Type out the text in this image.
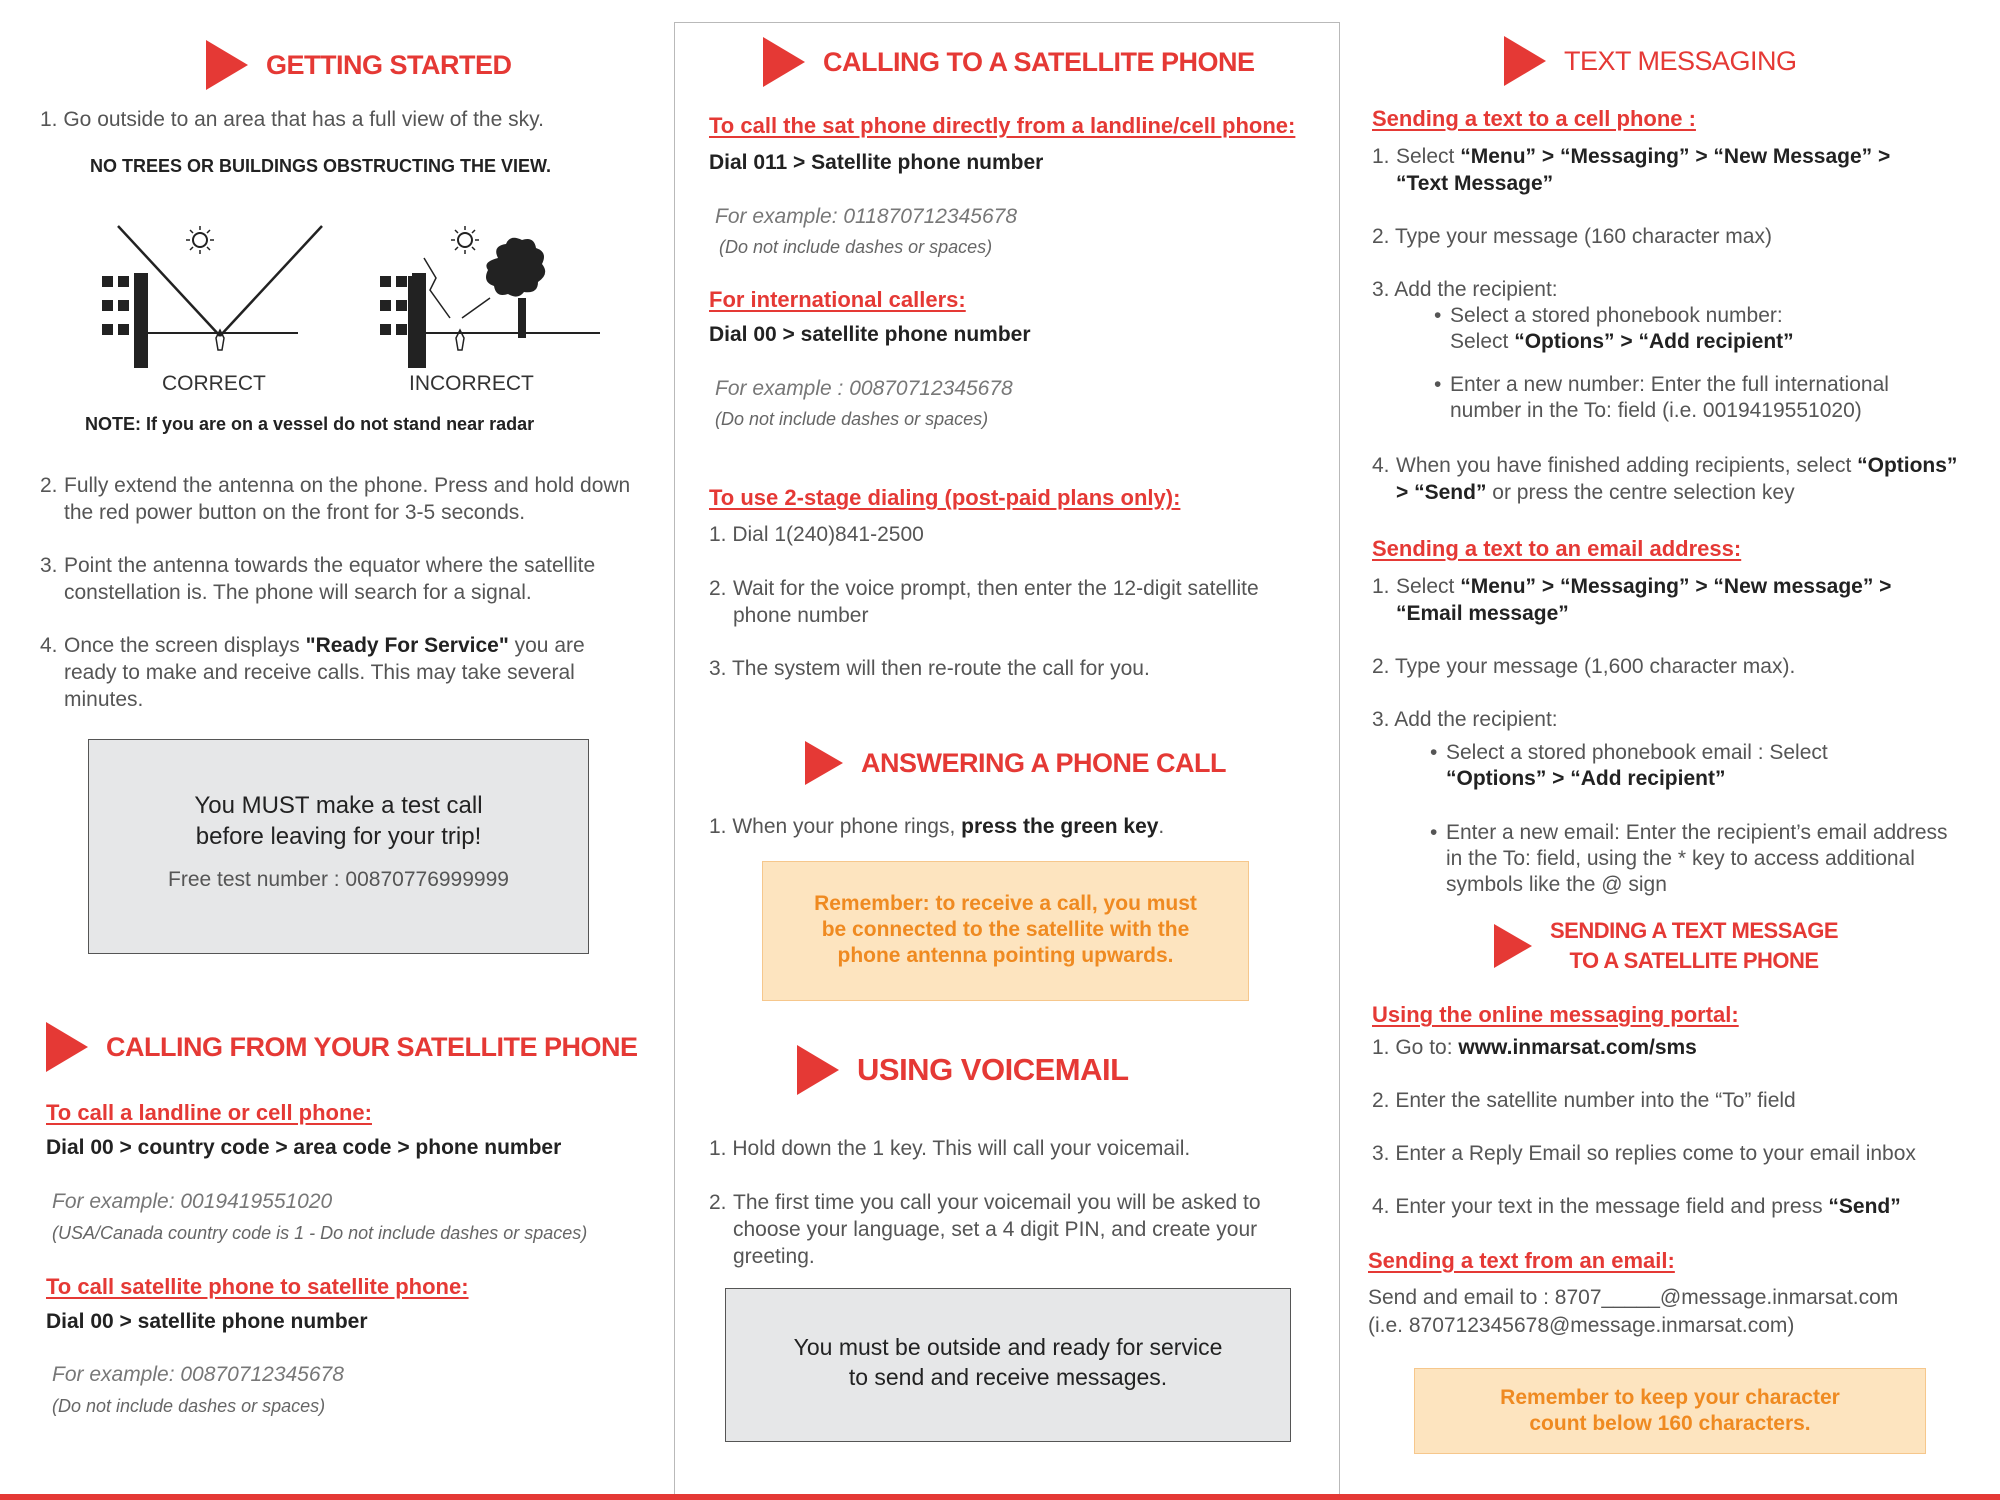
GETTING STARTED
1. Go outside to an area that has a full view of the sky.
NO TREES OR BUILDINGS OBSTRUCTING THE VIEW.
CORRECT	INCORRECT
NOTE: If you are on a vessel do not stand near radar
2. Fully extend the antenna on the phone. Press and hold down the red power button on the front for 3-5 seconds.
3. Point the antenna towards the equator where the satellite constellation is. The phone will search for a signal.
4. Once the screen displays "Ready For Service" you are ready to make and receive calls. This may take several minutes.
You MUST make a test call
before leaving for your trip!
Free test number : 00870776999999
CALLING FROM YOUR SATELLITE PHONE
To call a landline or cell phone:
Dial 00 > country code > area code > phone number
For example: 0019419551020
(USA/Canada country code is 1 - Do not include dashes or spaces)
To call satellite phone to satellite phone:
Dial 00 > satellite phone number
For example: 00870712345678
(Do not include dashes or spaces)
CALLING TO A SATELLITE PHONE
To call the sat phone directly from a landline/cell phone:
Dial 011 > Satellite phone number
For example: 011870712345678
(Do not include dashes or spaces)
For international callers:
Dial 00 > satellite phone number
For example : 00870712345678
(Do not include dashes or spaces)
To use 2-stage dialing (post-paid plans only):
1. Dial 1(240)841-2500
2. Wait for the voice prompt, then enter the 12-digit satellite phone number
3. The system will then re-route the call for you.
ANSWERING A PHONE CALL
1. When your phone rings, press the green key.
Remember: to receive a call, you must
be connected to the satellite with the
phone antenna pointing upwards.
USING VOICEMAIL
1. Hold down the 1 key. This will call your voicemail.
2. The first time you call your voicemail you will be asked to choose your language, set a 4 digit PIN, and create your greeting.
You must be outside and ready for service
to send and receive messages.
TEXT MESSAGING
Sending a text to a cell phone :
1. Select “Menu” > “Messaging” > “New Message” > “Text Message”
2. Type your message (160 character max)
3. Add the recipient:
• Select a stored phonebook number:
Select “Options” > “Add recipient”
• Enter a new number: Enter the full international number in the To: field (i.e. 0019419551020)
4. When you have finished adding recipients, select “Options” > “Send” or press the centre selection key
Sending a text to an email address:
1. Select “Menu” > “Messaging” > “New message” > “Email message”
2. Type your message (1,600 character max).
3. Add the recipient:
• Select a stored phonebook email : Select
“Options” > “Add recipient”
• Enter a new email: Enter the recipient’s email address in the To: field, using the * key to access additional symbols like the @ sign
SENDING A TEXT MESSAGE
TO A SATELLITE PHONE
Using the online messaging portal:
1. Go to: www.inmarsat.com/sms
2. Enter the satellite number into the “To” field
3. Enter a Reply Email so replies come to your email inbox
4. Enter your text in the message field and press “Send”
Sending a text from an email:
Send and email to : 8707_____@message.inmarsat.com
(i.e. 870712345678@message.inmarsat.com)
Remember to keep your character
count below 160 characters.
